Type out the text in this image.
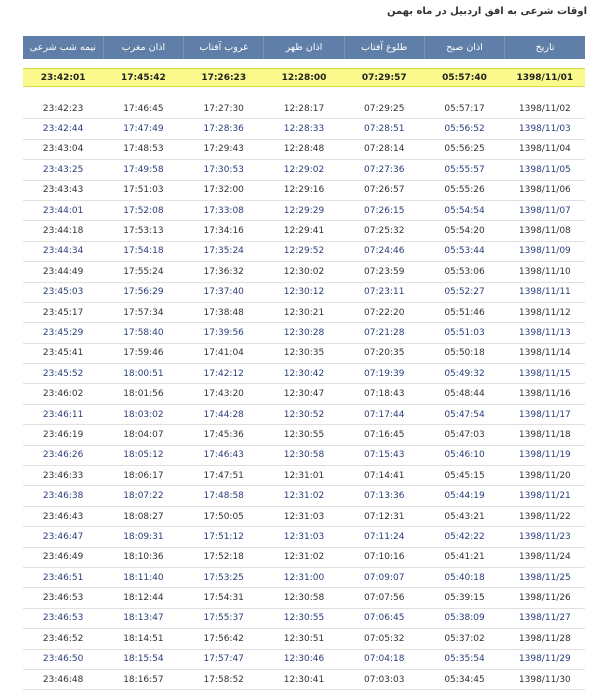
اوقات شرعی به افق اردبیل در ماه بهمن
نیمه شب شرعی	اذان مغرب	غروب آفتاب	اذان ظهر	طلوع آفتاب	اذان صبح	تاریخ

23:42:01	17:45:42	17:26:23	12:28:00	07:29:57	05:57:40	1398/11/01

23:42:23	17:46:45	17:27:30	12:28:17	07:29:25	05:57:17	1398/11/02
23:42:44	17:47:49	17:28:36	12:28:33	07:28:51	05:56:52	1398/11/03
23:43:04	17:48:53	17:29:43	12:28:48	07:28:14	05:56:25	1398/11/04
23:43:25	17:49:58	17:30:53	12:29:02	07:27:36	05:55:57	1398/11/05
23:43:43	17:51:03	17:32:00	12:29:16	07:26:57	05:55:26	1398/11/06
23:44:01	17:52:08	17:33:08	12:29:29	07:26:15	05:54:54	1398/11/07
23:44:18	17:53:13	17:34:16	12:29:41	07:25:32	05:54:20	1398/11/08
23:44:34	17:54:18	17:35:24	12:29:52	07:24:46	05:53:44	1398/11/09
23:44:49	17:55:24	17:36:32	12:30:02	07:23:59	05:53:06	1398/11/10
23:45:03	17:56:29	17:37:40	12:30:12	07:23:11	05:52:27	1398/11/11
23:45:17	17:57:34	17:38:48	12:30:21	07:22:20	05:51:46	1398/11/12
23:45:29	17:58:40	17:39:56	12:30:28	07:21:28	05:51:03	1398/11/13
23:45:41	17:59:46	17:41:04	12:30:35	07:20:35	05:50:18	1398/11/14
23:45:52	18:00:51	17:42:12	12:30:42	07:19:39	05:49:32	1398/11/15
23:46:02	18:01:56	17:43:20	12:30:47	07:18:43	05:48:44	1398/11/16
23:46:11	18:03:02	17:44:28	12:30:52	07:17:44	05:47:54	1398/11/17
23:46:19	18:04:07	17:45:36	12:30:55	07:16:45	05:47:03	1398/11/18
23:46:26	18:05:12	17:46:43	12:30:58	07:15:43	05:46:10	1398/11/19
23:46:33	18:06:17	17:47:51	12:31:01	07:14:41	05:45:15	1398/11/20
23:46:38	18:07:22	17:48:58	12:31:02	07:13:36	05:44:19	1398/11/21
23:46:43	18:08:27	17:50:05	12:31:03	07:12:31	05:43:21	1398/11/22
23:46:47	18:09:31	17:51:12	12:31:03	07:11:24	05:42:22	1398/11/23
23:46:49	18:10:36	17:52:18	12:31:02	07:10:16	05:41:21	1398/11/24
23:46:51	18:11:40	17:53:25	12:31:00	07:09:07	05:40:18	1398/11/25
23:46:53	18:12:44	17:54:31	12:30:58	07:07:56	05:39:15	1398/11/26
23:46:53	18:13:47	17:55:37	12:30:55	07:06:45	05:38:09	1398/11/27
23:46:52	18:14:51	17:56:42	12:30:51	07:05:32	05:37:02	1398/11/28
23:46:50	18:15:54	17:57:47	12:30:46	07:04:18	05:35:54	1398/11/29
23:46:48	18:16:57	17:58:52	12:30:41	07:03:03	05:34:45	1398/11/30
